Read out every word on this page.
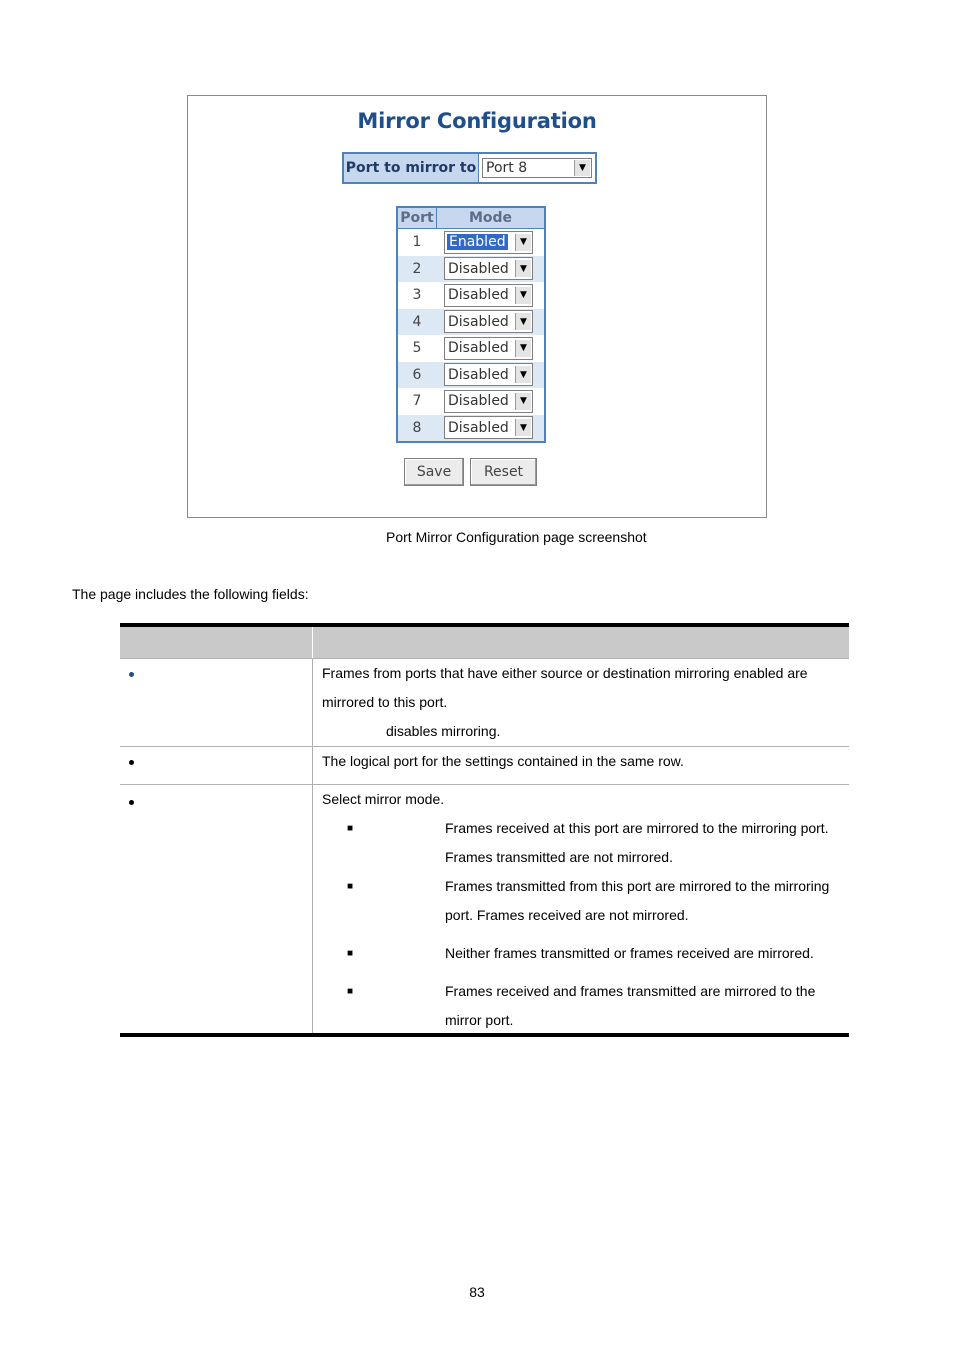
Mirror Configuration
Port to mirror to Port 8	▼
Port	Mode
1	Enabled	▼
2	Disabled	▼
3	Disabled	▼
4	Disabled	▼
5	Disabled	▼
6	Disabled	▼
7	Disabled	▼
8	Disabled	▼
Save	Reset
Port Mirror Configuration page screenshot
The page includes the following fields:
Frames from ports that have either source or destination mirroring enabled are
mirrored to this port.
disables mirroring.
The logical port for the settings contained in the same row.
Select mirror mode.
■	Frames received at this port are mirrored to the mirroring port.
Frames transmitted are not mirrored.
■	Frames transmitted from this port are mirrored to the mirroring
port. Frames received are not mirrored.
■	Neither frames transmitted or frames received are mirrored.
■	Frames received and frames transmitted are mirrored to the
mirror port.
83
